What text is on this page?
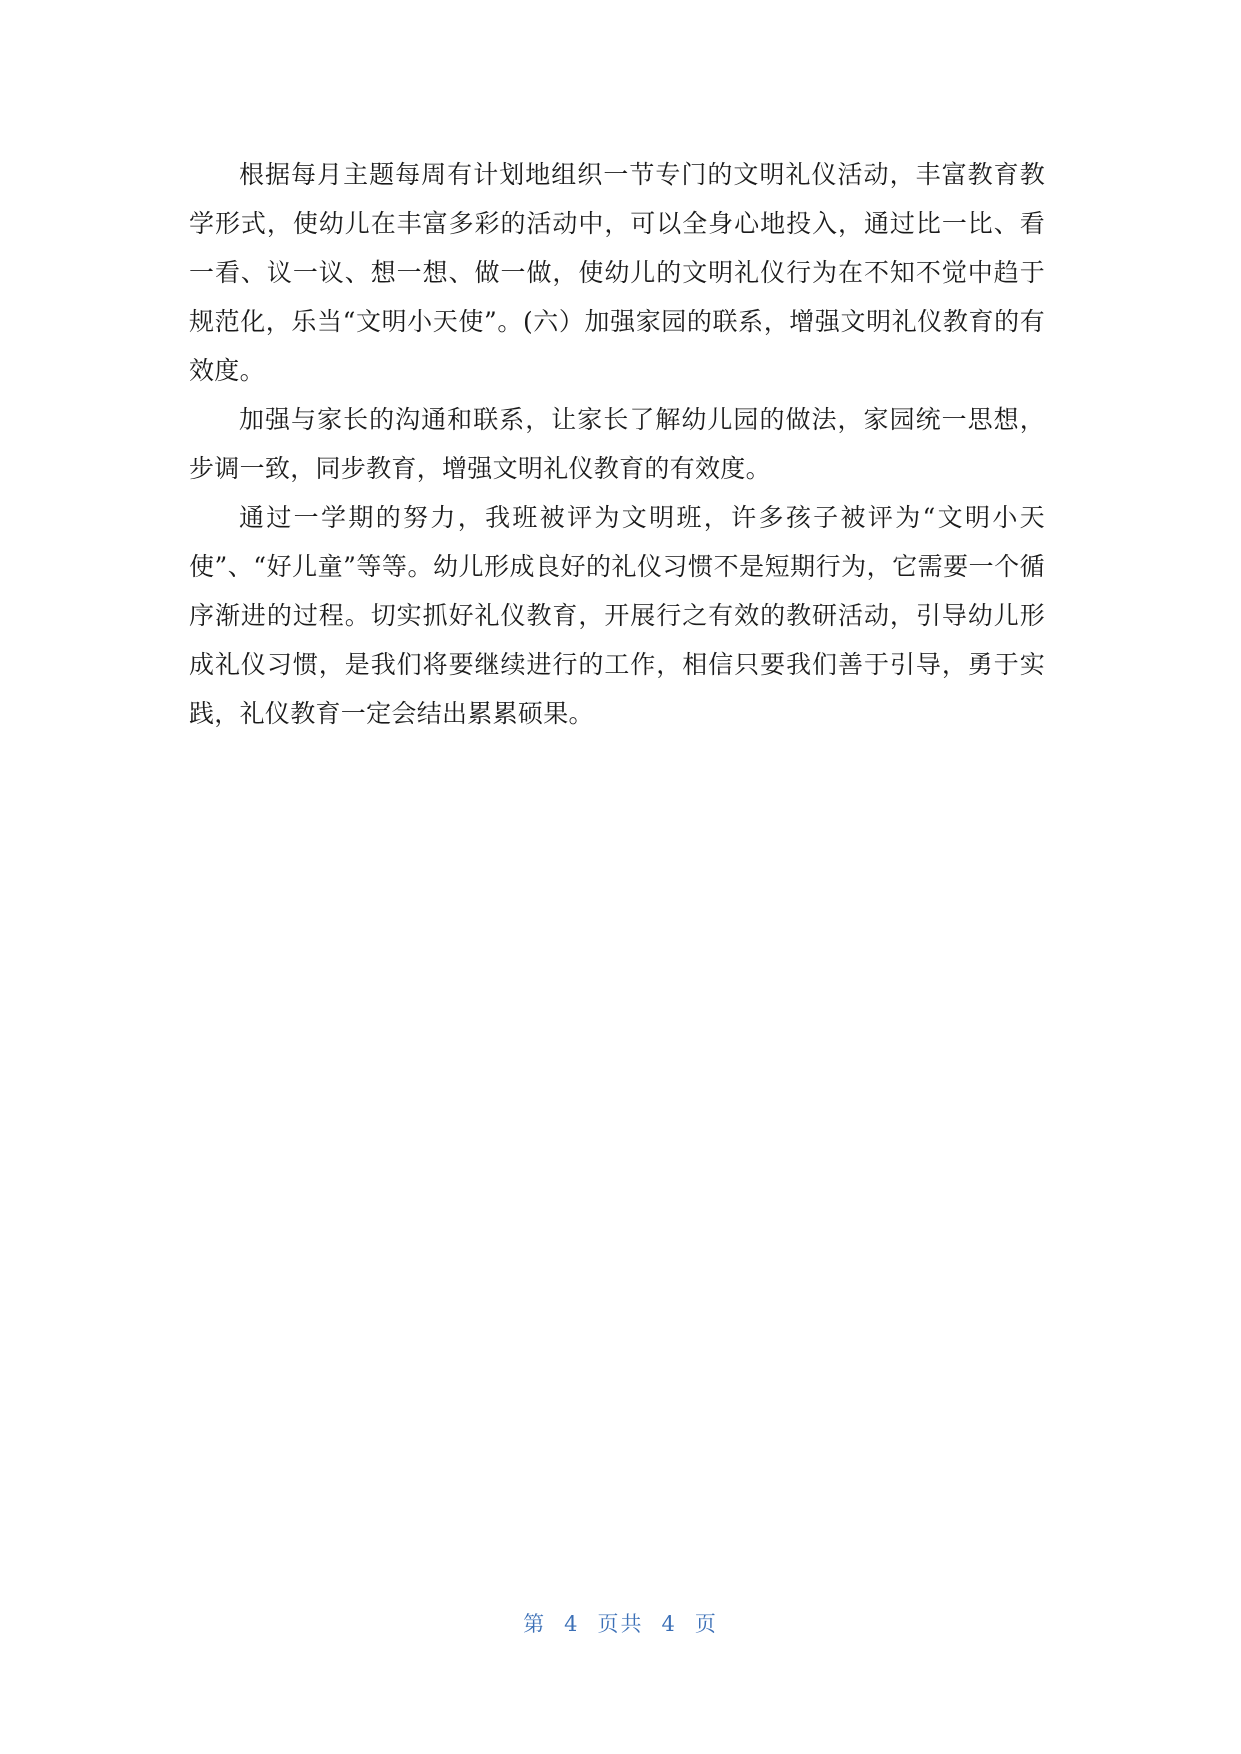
根据每月主题每周有计划地组织一节专门的文明礼仪活动，丰富教育教学形式，使幼儿在丰富多彩的活动中，可以全身心地投入，通过比一比、看一看、议一议、想一想、做一做，使幼儿的文明礼仪行为在不知不觉中趋于规范化，乐当“文明小天使”。(六）加强家园的联系，增强文明礼仪教育的有效度。

加强与家长的沟通和联系，让家长了解幼儿园的做法，家园统一思想，步调一致，同步教育，增强文明礼仪教育的有效度。

通过一学期的努力，我班被评为文明班，许多孩子被评为“文明小天使”、“好儿童”等等。幼儿形成良好的礼仪习惯不是短期行为，它需要一个循序渐进的过程。切实抓好礼仪教育，开展行之有效的教研活动，引导幼儿形成礼仪习惯，是我们将要继续进行的工作，相信只要我们善于引导，勇于实践，礼仪教育一定会结出累累硕果。

第 4 页共 4 页
